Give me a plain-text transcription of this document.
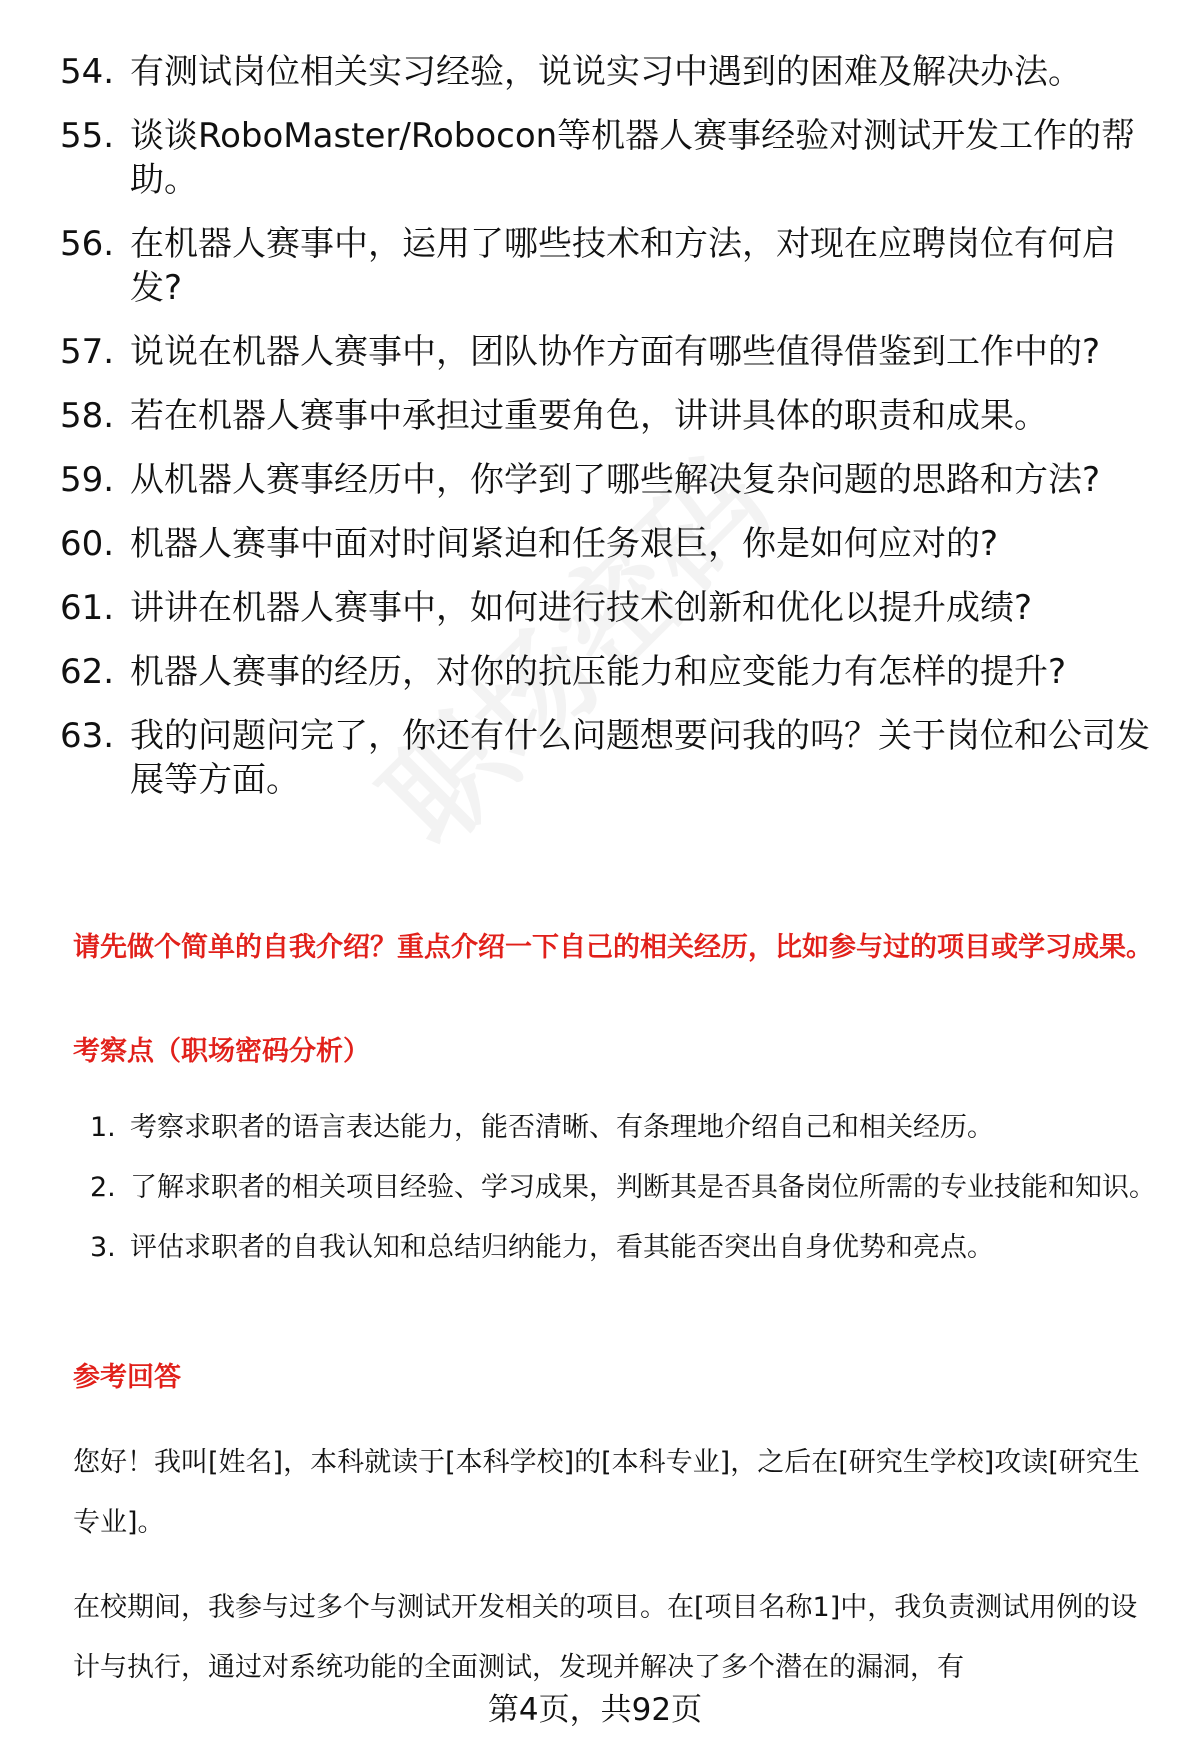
54. 有测试岗位相关实习经验，说说实习中遇到的困难及解决办法。
55. 谈谈RoboMaster/Robocon等机器人赛事经验对测试开发工作的帮助。
56. 在机器人赛事中，运用了哪些技术和方法，对现在应聘岗位有何启发?
57. 说说在机器人赛事中，团队协作方面有哪些值得借鉴到工作中的?
58. 若在机器人赛事中承担过重要角色，讲讲具体的职责和成果。
59. 从机器人赛事经历中，你学到了哪些解决复杂问题的思路和方法?
60. 机器人赛事中面对时间紧迫和任务艰巨，你是如何应对的?
61. 讲讲在机器人赛事中，如何进行技术创新和优化以提升成绩?
62. 机器人赛事的经历，对你的抗压能力和应变能力有怎样的提升?
63. 我的问题问完了，你还有什么问题想要问我的吗？关于岗位和公司发展等方面。
请先做个简单的自我介绍？重点介绍一下自己的相关经历，比如参与过的项目或学习成果。
考察点（职场密码分析）
1. 考察求职者的语言表达能力，能否清晰、有条理地介绍自己和相关经历。
2. 了解求职者的相关项目经验、学习成果，判断其是否具备岗位所需的专业技能和知识。
3. 评估求职者的自我认知和总结归纳能力，看其能否突出自身优势和亮点。
参考回答
您好！我叫[姓名]，本科就读于[本科学校]的[本科专业]，之后在[研究生学校]攻读[研究生专业]。
在校期间，我参与过多个与测试开发相关的项目。在[项目名称1]中，我负责测试用例的设计与执行，通过对系统功能的全面测试，发现并解决了多个潜在的漏洞，有
第4页，共92页
